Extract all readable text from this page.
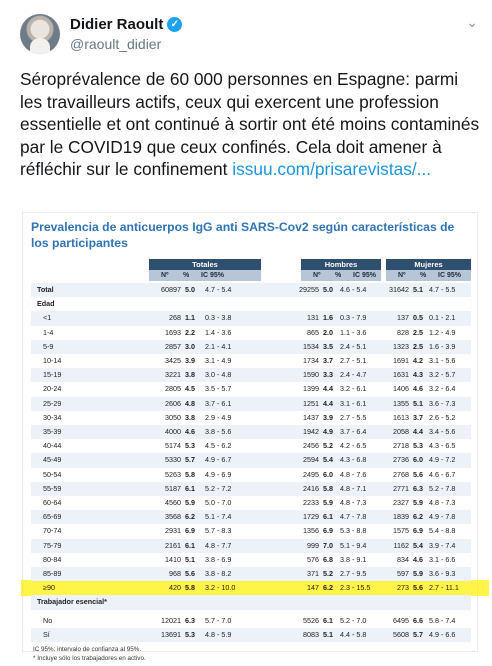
Didier Raoult ✓
@raoult_didier
⌄
Séroprévalence de 60 000 personnes en Espagne: parmi les travailleurs actifs, ceux qui exercent une profession essentielle et ont continué à sortir ont été moins contaminés par le COVID19 que ceux confinés. Cela doit amener à réfléchir sur le confinement issuu.com/prisarevistas/...
Prevalencia de anticuerpos IgG anti SARS-Cov2 según características de los participantes
Totales
Nº % IC 95%
Hombres
Nº % IC 95%
Mujeres
Nº % IC 95%
Total	60897 5.0 4.7 - 5.4	29255 5.0 4.6 - 5.4	31642 5.1 4.7 - 5.5
Edad
<1	268 1.1 0.3 - 3.8	131 1.6 0.3 - 7.9	137 0.5 0.1 - 2.1
1-4	1693 2.2 1.4 - 3.6	865 2.0 1.1 - 3.6	828 2.5 1.2 - 4.9
5-9	2857 3.0 2.1 - 4.1	1534 3.5 2.4 - 5.1	1323 2.5 1.6 - 3.9
10-14	3425 3.9 3.1 - 4.9	1734 3.7 2.7 - 5.1	1691 4.2 3.1 - 5.6
15-19	3221 3.8 3.0 - 4.8	1590 3.3 2.4 - 4.7	1631 4.3 3.2 - 5.7
20-24	2805 4.5 3.5 - 5.7	1399 4.4 3.2 - 6.1	1406 4.6 3.2 - 6.4
25-29	2606 4.8 3.7 - 6.1	1251 4.4 3.1 - 6.1	1355 5.1 3.6 - 7.3
30-34	3050 3.8 2.9 - 4.9	1437 3.9 2.7 - 5.5	1613 3.7 2.6 - 5.2
35-39	4000 4.6 3.8 - 5.6	1942 4.9 3.7 - 6.4	2058 4.4 3.4 - 5.6
40-44	5174 5.3 4.5 - 6.2	2456 5.2 4.2 - 6.5	2718 5.3 4.3 - 6.5
45-49	5330 5.7 4.9 - 6.7	2594 5.4 4.3 - 6.8	2736 6.0 4.9 - 7.2
50-54	5263 5.8 4.9 - 6.9	2495 6.0 4.8 - 7.6	2768 5.6 4.6 - 6.7
55-59	5187 6.1 5.2 - 7.2	2416 5.8 4.8 - 7.1	2771 6.3 5.2 - 7.8
60-64	4560 5.9 5.0 - 7.0	2233 5.9 4.8 - 7.3	2327 5.9 4.8 - 7.3
65-69	3568 6.2 5.1 - 7.4	1729 6.1 4.7 - 7.8	1839 6.2 4.9 - 7.8
70-74	2931 6.9 5.7 - 8.3	1356 6.9 5.3 - 8.8	1575 6.9 5.4 - 8.8
75-79	2161 6.1 4.8 - 7.7	999 7.0 5.1 - 9.4	1162 5.4 3.9 - 7.4
80-84	1410 5.1 3.8 - 6.9	576 6.8 3.8 - 9.1	834 4.6 3.1 - 6.6
85-89	968 5.6 3.8 - 8.2	371 5.2 2.7 - 9.5	597 5.9 3.6 - 9.3
≥90	420 5.8 3.2 - 10.0	147 6.2 2.3 - 15.5	273 5.6 2.7 - 11.1
Trabajador esencial*
No	12021 6.3 5.7 - 7.0	5526 6.1 5.2 - 7.0	6495 6.6 5.8 - 7.4
Sí	13691 5.3 4.8 - 5.9	8083 5.1 4.4 - 5.8	5608 5.7 4.9 - 6.6
IC 95%: intervalo de confianza al 95%.
* Incluye sólo los trabajadores en activo.
